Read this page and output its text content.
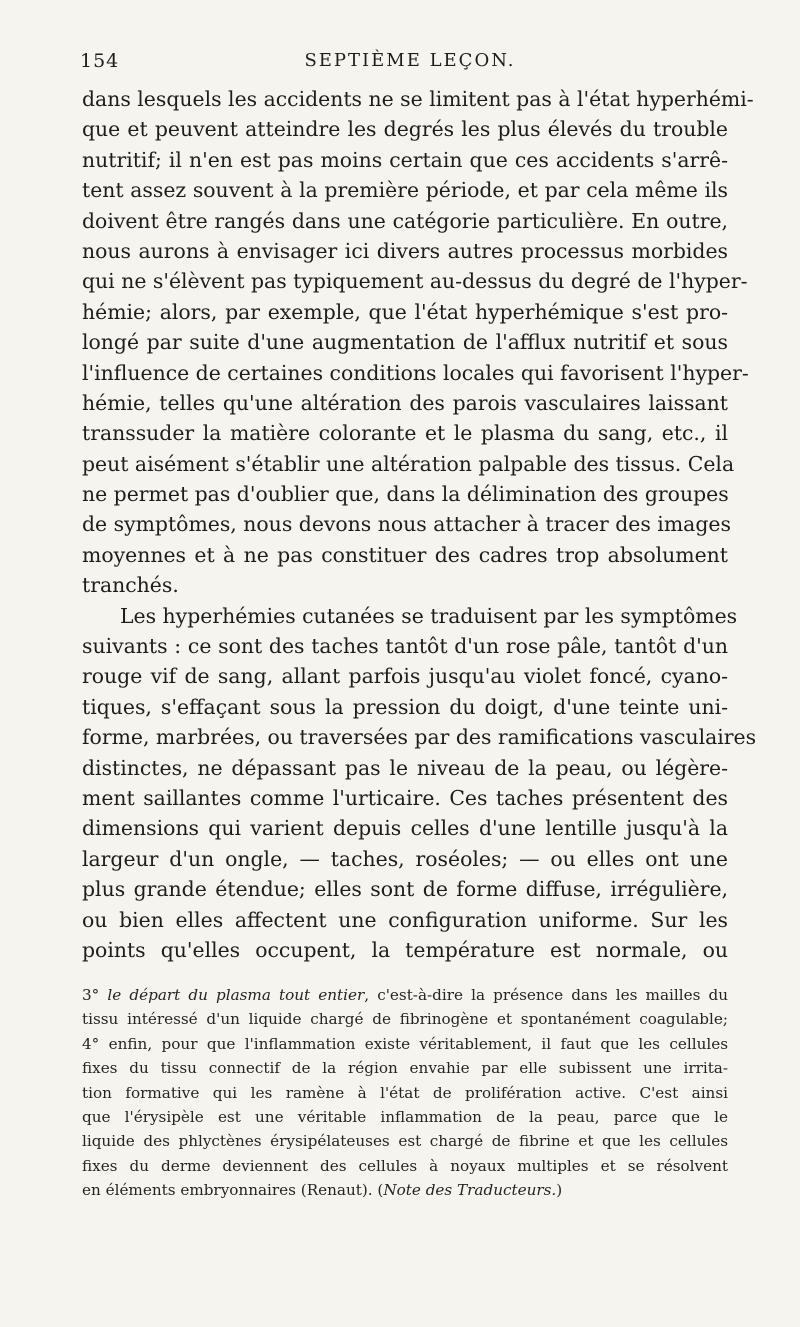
154	SEPTIÈME LEÇON.
dans lesquels les accidents ne se limitent pas à l'état hyperhémi-
que et peuvent atteindre les degrés les plus élevés du trouble
nutritif; il n'en est pas moins certain que ces accidents s'arrê-
tent assez souvent à la première période, et par cela même ils
doivent être rangés dans une catégorie particulière. En outre,
nous aurons à envisager ici divers autres processus morbides
qui ne s'élèvent pas typiquement au-dessus du degré de l'hyper-
hémie; alors, par exemple, que l'état hyperhémique s'est pro-
longé par suite d'une augmentation de l'afflux nutritif et sous
l'influence de certaines conditions locales qui favorisent l'hyper-
hémie, telles qu'une altération des parois vasculaires laissant
transsuder la matière colorante et le plasma du sang, etc., il
peut aisément s'établir une altération palpable des tissus. Cela
ne permet pas d'oublier que, dans la délimination des groupes
de symptômes, nous devons nous attacher à tracer des images
moyennes et à ne pas constituer des cadres trop absolument
tranchés.
Les hyperhémies cutanées se traduisent par les symptômes
suivants : ce sont des taches tantôt d'un rose pâle, tantôt d'un
rouge vif de sang, allant parfois jusqu'au violet foncé, cyano-
tiques, s'effaçant sous la pression du doigt, d'une teinte uni-
forme, marbrées, ou traversées par des ramifications vasculaires
distinctes, ne dépassant pas le niveau de la peau, ou légère-
ment saillantes comme l'urticaire. Ces taches présentent des
dimensions qui varient depuis celles d'une lentille jusqu'à la
largeur d'un ongle, — taches, roséoles; — ou elles ont une
plus grande étendue; elles sont de forme diffuse, irrégulière,
ou bien elles affectent une configuration uniforme. Sur les
points qu'elles occupent, la température est normale, ou
3° le départ du plasma tout entier, c'est-à-dire la présence dans les mailles du
tissu intéressé d'un liquide chargé de fibrinogène et spontanément coagulable;
4° enfin, pour que l'inflammation existe véritablement, il faut que les cellules
fixes du tissu connectif de la région envahie par elle subissent une irrita-
tion formative qui les ramène à l'état de prolifération active. C'est ainsi
que l'érysipèle est une véritable inflammation de la peau, parce que le
liquide des phlyctènes érysipélateuses est chargé de fibrine et que les cellules
fixes du derme deviennent des cellules à noyaux multiples et se résolvent
en éléments embryonnaires (Renaut). (Note des Traducteurs.)
